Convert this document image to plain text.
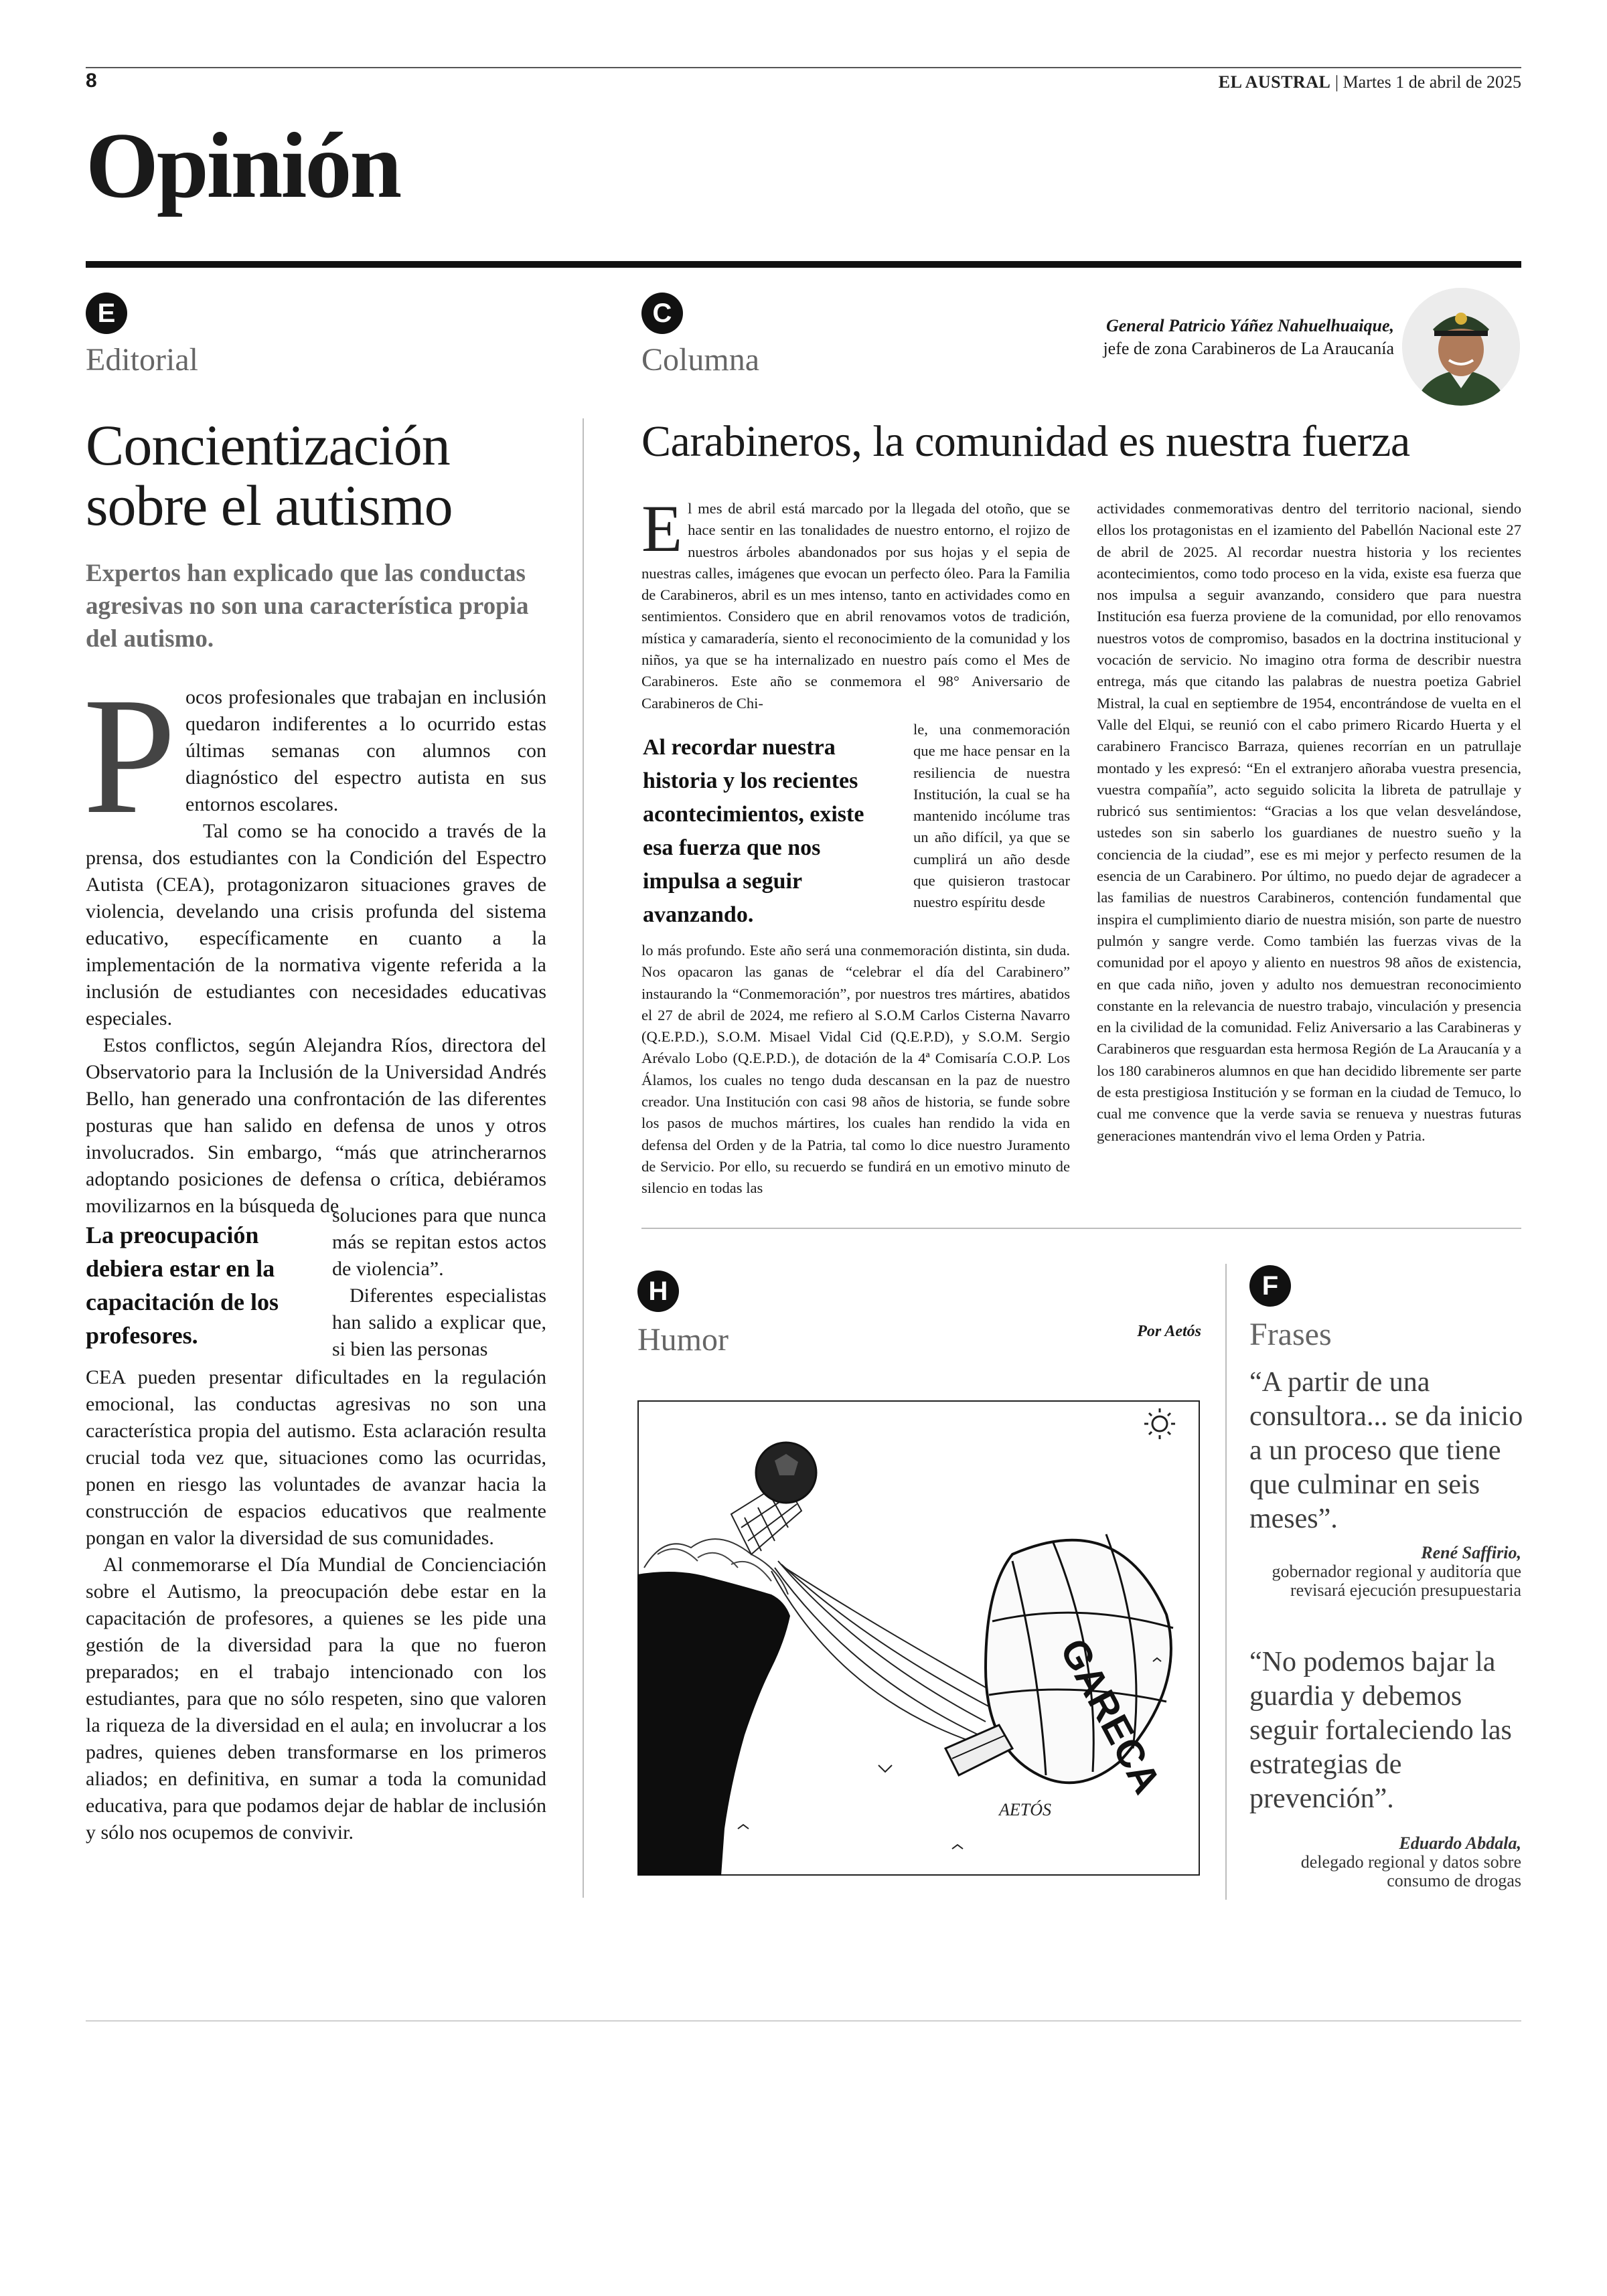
8	EL AUSTRAL | Martes 1 de abril de 2025
Opinión
E
Editorial
Concientización
sobre el autismo
Expertos han explicado que las conductas agresivas no son una característica propia del autismo.

Pocos profesionales que trabajan en inclusión quedaron indiferentes a lo ocurrido estas últimas semanas con alumnos con diagnóstico del espectro autista en sus entornos escolares.

Tal como se ha conocido a través de la prensa, dos estudiantes con la Condición del Espectro Autista (CEA), protagonizaron situaciones graves de violencia, develando una crisis profunda del sistema educativo, específicamente en cuanto a la implementación de la normativa vigente referida a la inclusión de estudiantes con necesidades educativas especiales.

Estos conflictos, según Alejandra Ríos, directora del Observatorio para la Inclusión de la Universidad Andrés Bello, han generado una confrontación de las diferentes posturas que han salido en defensa de unos y otros involucrados. Sin embargo, “más que atrincherarnos adoptando posiciones de defensa o crítica, debiéramos movilizarnos en la búsqueda de

La preocupación debiera estar en la capacitación de los profesores.

soluciones para que nunca más se repitan estos actos de violencia”.

Diferentes especialistas han salido a explicar que, si bien las personas

CEA pueden presentar dificultades en la regulación emocional, las conductas agresivas no son una característica propia del autismo. Esta aclaración resulta crucial toda vez que, situaciones como las ocurridas, ponen en riesgo las voluntades de avanzar hacia la construcción de espacios educativos que realmente pongan en valor la diversidad de sus comunidades.

Al conmemorarse el Día Mundial de Concienciación sobre el Autismo, la preocupación debe estar en la capacitación de profesores, a quienes se les pide una gestión de la diversidad para la que no fueron preparados; en el trabajo intencionado con los estudiantes, para que no sólo respeten, sino que valoren la riqueza de la diversidad en el aula; en involucrar a los padres, quienes deben transformarse en los primeros aliados; en definitiva, en sumar a toda la comunidad educativa, para que podamos dejar de hablar de inclusión y sólo nos ocupemos de convivir.

C
Columna
General Patricio Yáñez Nahuelhuaique,
jefe de zona Carabineros de La Araucanía
Carabineros, la comunidad es nuestra fuerza

El mes de abril está marcado por la llegada del otoño, que se hace sentir en las tonalidades de nuestro entorno, el rojizo de nuestros árboles abandonados por sus hojas y el sepia de nuestras calles, imágenes que evocan un perfecto óleo. Para la Familia de Carabineros, abril es un mes intenso, tanto en actividades como en sentimientos. Considero que en abril renovamos votos de tradición, mística y camaradería, siento el reconocimiento de la comunidad y los niños, ya que se ha internalizado en nuestro país como el Mes de Carabineros. Este año se conmemora el 98° Aniversario de Carabineros de Chi-

Al recordar nuestra historia y los recientes acontecimientos, existe esa fuerza que nos impulsa a seguir avanzando.

le, una conmemoración que me hace pensar en la resiliencia de nuestra Institución, la cual se ha mantenido incólume tras un año difícil, ya que se cumplirá un año desde que quisieron trastocar nuestro espíritu desde

lo más profundo. Este año será una conmemoración distinta, sin duda. Nos opacaron las ganas de “celebrar el día del Carabinero” instaurando la “Conmemoración”, por nuestros tres mártires, abatidos el 27 de abril de 2024, me refiero al S.O.M Carlos Cisterna Navarro (Q.E.P.D.), S.O.M. Misael Vidal Cid (Q.E.P.D), y S.O.M. Sergio Arévalo Lobo (Q.E.P.D.), de dotación de la 4ª Comisaría C.O.P. Los Álamos, los cuales no tengo duda descansan en la paz de nuestro creador. Una Institución con casi 98 años de historia, se funde sobre los pasos de muchos mártires, los cuales han rendido la vida en defensa del Orden y de la Patria, tal como lo dice nuestro Juramento de Servicio. Por ello, su recuerdo se fundirá en un emotivo minuto de silencio en todas las

actividades conmemorativas dentro del territorio nacional, siendo ellos los protagonistas en el izamiento del Pabellón Nacional este 27 de abril de 2025. Al recordar nuestra historia y los recientes acontecimientos, como todo proceso en la vida, existe esa fuerza que nos impulsa a seguir avanzando, considero que para nuestra Institución esa fuerza proviene de la comunidad, por ello renovamos nuestros votos de compromiso, basados en la doctrina institucional y vocación de servicio. No imagino otra forma de describir nuestra entrega, más que citando las palabras de nuestra poetiza Gabriel Mistral, la cual en septiembre de 1954, encontrándose de vuelta en el Valle del Elqui, se reunió con el cabo primero Ricardo Huerta y el carabinero Francisco Barraza, quienes recorrían en un patrullaje montado y les expresó: “En el extranjero añoraba vuestra presencia, vuestra compañía”, acto seguido solicita la libreta de patrullaje y rubricó sus sentimientos: “Gracias a los que velan desvelándose, ustedes son sin saberlo los guardianes de nuestro sueño y la conciencia de la ciudad”, ese es mi mejor y perfecto resumen de la esencia de un Carabinero. Por último, no puedo dejar de agradecer a las familias de nuestros Carabineros, contención fundamental que inspira el cumplimiento diario de nuestra misión, son parte de nuestro pulmón y sangre verde. Como también las fuerzas vivas de la comunidad por el apoyo y aliento en nuestros 98 años de existencia, en que cada niño, joven y adulto nos demuestran reconocimiento constante en la relevancia de nuestro trabajo, vinculación y presencia en la civilidad de la comunidad. Feliz Aniversario a las Carabineras y Carabineros que resguardan esta hermosa Región de La Araucanía y a los 180 carabineros alumnos en que han decidido libremente ser parte de esta prestigiosa Institución y se forman en la ciudad de Temuco, lo cual me convence que la verde savia se renueva y nuestras futuras generaciones mantendrán vivo el lema Orden y Patria.

H
Humor	Por Aetós
GARECA
AETÓS
F
Frases
“A partir de una consultora... se da inicio a un proceso que tiene que culminar en seis meses”.
René Saffirio,
gobernador regional y auditoría que revisará ejecución presupuestaria
“No podemos bajar la guardia y debemos seguir fortaleciendo las estrategias de prevención”.
Eduardo Abdala,
delegado regional y datos sobre consumo de drogas
